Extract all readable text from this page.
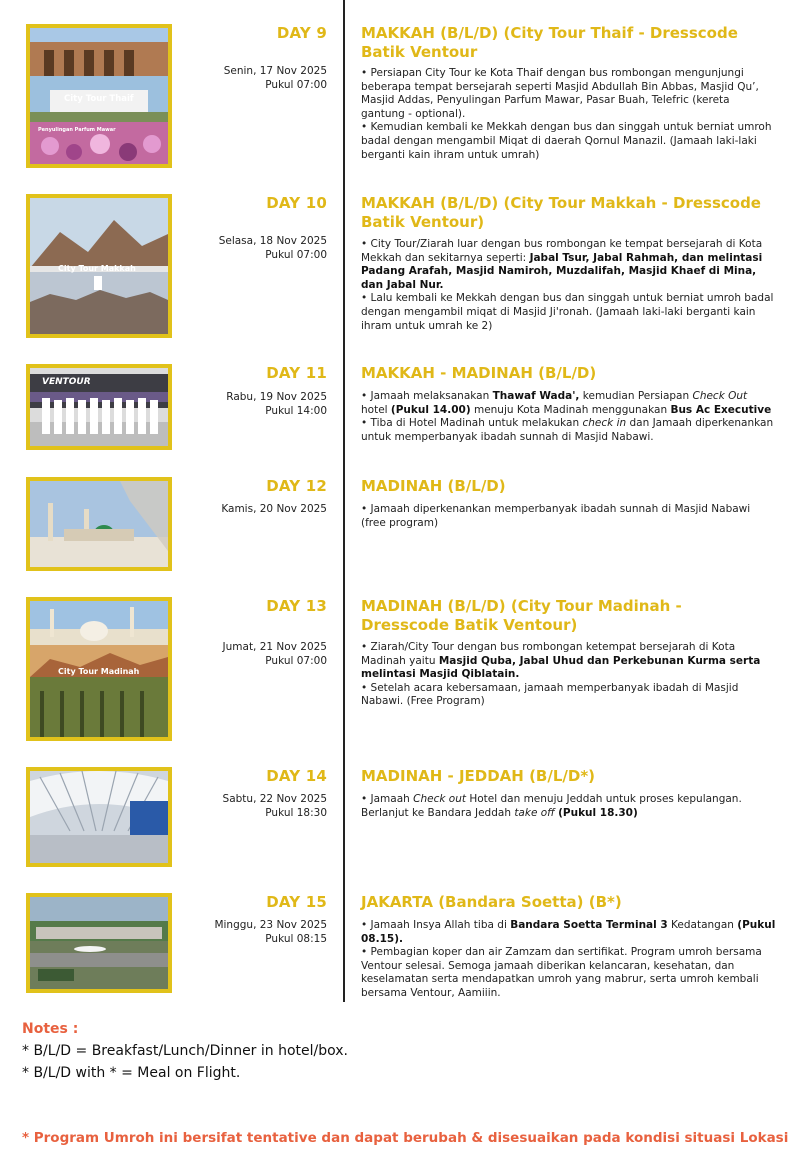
City Tour Thaif
Penyulingan Parfum Mawar
DAY 9
Senin, 17 Nov 2025
Pukul 07:00
MAKKAH (B/L/D) (City Tour Thaif - Dresscode Batik Ventour

• Persiapan City Tour ke Kota Thaif dengan bus rombongan mengunjungi beberapa tempat bersejarah seperti Masjid Abdullah Bin Abbas, Masjid Qu’, Masjid Addas, Penyulingan Parfum Mawar, Pasar Buah, Telefric (kereta gantung - optional).

• Kemudian kembali ke Mekkah dengan bus dan singgah untuk berniat umroh badal dengan mengambil Miqat di daerah Qornul Manazil. (Jamaah laki-laki berganti kain ihram untuk umrah)

City Tour Makkah
DAY 10
Selasa, 18 Nov 2025
Pukul 07:00
MAKKAH (B/L/D) (City Tour Makkah - Dresscode Batik Ventour)

• City Tour/Ziarah luar dengan bus rombongan ke tempat bersejarah di Kota Mekkah dan sekitarnya seperti: Jabal Tsur, Jabal Rahmah, dan melintasi Padang Arafah, Masjid Namiroh, Muzdalifah, Masjid Khaef di Mina, dan Jabal Nur.

• Lalu kembali ke Mekkah dengan bus dan singgah untuk berniat umroh badal dengan mengambil miqat di Masjid Ji'ronah. (Jamaah laki-laki berganti kain ihram untuk umrah ke 2)

VENTOUR	DAY 11
Rabu, 19 Nov 2025
Pukul 14:00
MAKKAH - MADINAH (B/L/D)

• Jamaah melaksanakan Thawaf Wada', kemudian Persiapan Check Out hotel (Pukul 14.00) menuju Kota Madinah menggunakan Bus Ac Executive

• Tiba di Hotel Madinah untuk melakukan check in dan Jamaah diperkenankan untuk memperbanyak ibadah sunnah di Masjid Nabawi.

DAY 12
Kamis, 20 Nov 2025
MADINAH (B/L/D)

• Jamaah diperkenankan memperbanyak ibadah sunnah di Masjid Nabawi (free program)

City Tour Madinah
DAY 13
Jumat, 21 Nov 2025
Pukul 07:00
MADINAH (B/L/D) (City Tour Madinah - Dresscode Batik Ventour)

• Ziarah/City Tour dengan bus rombongan ketempat bersejarah di Kota Madinah yaitu Masjid Quba, Jabal Uhud dan Perkebunan Kurma serta melintasi Masjid Qiblatain.

• Setelah acara kebersamaan, jamaah memperbanyak ibadah di Masjid Nabawi. (Free Program)

DAY 14
Sabtu, 22 Nov 2025
Pukul 18:30
MADINAH - JEDDAH (B/L/D*)

• Jamaah Check out Hotel dan menuju Jeddah untuk proses kepulangan. Berlanjut ke Bandara Jeddah take off (Pukul 18.30)

DAY 15
Minggu, 23 Nov 2025
Pukul 08:15
JAKARTA (Bandara Soetta) (B*)

• Jamaah Insya Allah tiba di Bandara Soetta Terminal 3 Kedatangan (Pukul 08.15).

• Pembagian koper dan air Zamzam dan sertifikat. Program umroh bersama Ventour selesai. Semoga jamaah diberikan kelancaran, kesehatan, dan keselamatan serta mendapatkan umroh yang mabrur, serta umroh kembali bersama Ventour, Aamiiin.

Notes :
* B/L/D = Breakfast/Lunch/Dinner in hotel/box.
* B/L/D with * = Meal on Flight.
* Program Umroh ini bersifat tentative dan dapat berubah & disesuaikan pada kondisi situasi Lokasi
